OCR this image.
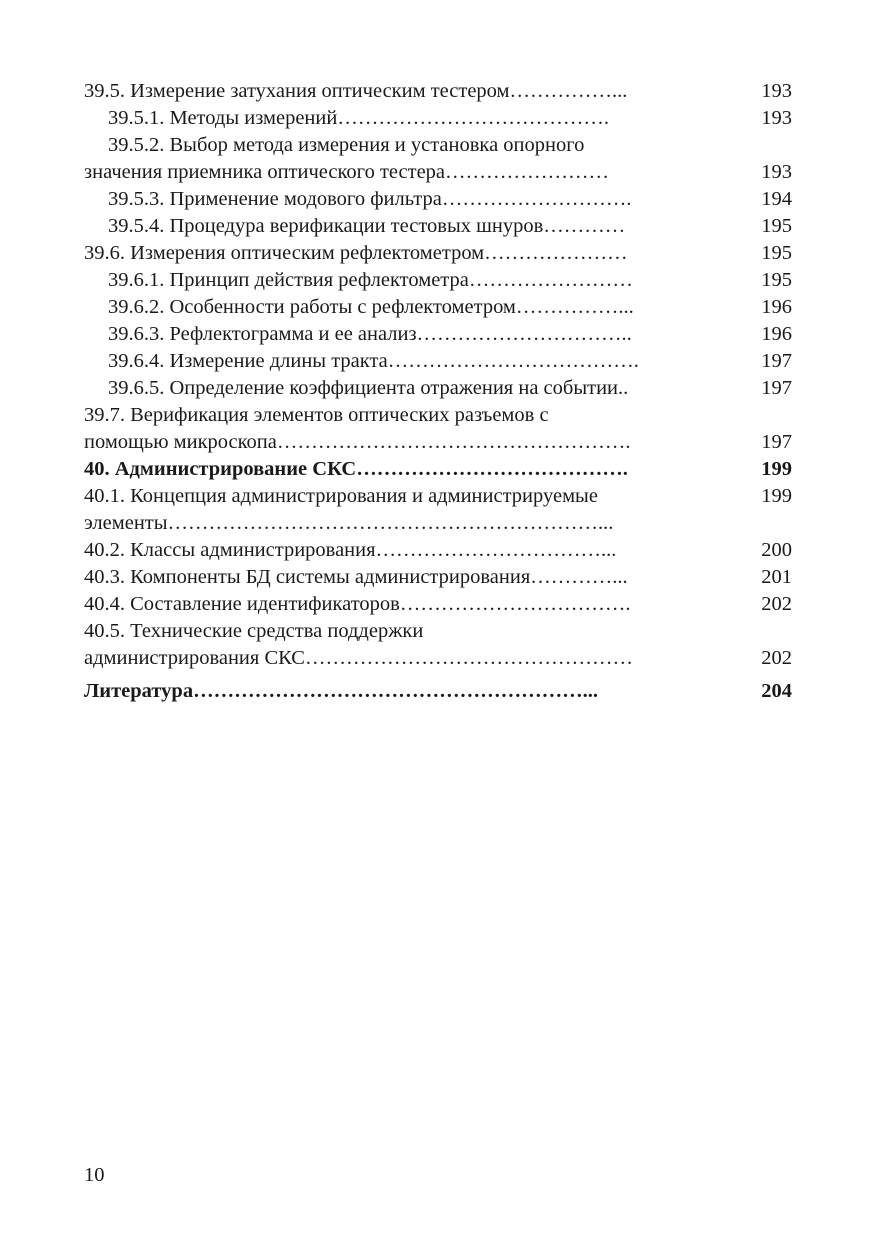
39.5. Измерение затухания оптическим тестером……………...	193
39.5.1. Методы измерений………………………………….	193
39.5.2. Выбор метода измерения и установка опорного
значения приемника оптического тестера……………………	193
39.5.3. Применение модового фильтра……………………….	194
39.5.4. Процедура верификации тестовых шнуров…………	195
39.6. Измерения оптическим рефлектометром…………………	195
39.6.1. Принцип действия рефлектометра……………………	195
39.6.2. Особенности работы с рефлектометром……………...	196
39.6.3. Рефлектограмма и ее анализ…………………………..	196
39.6.4. Измерение длины тракта……………………………….	197
39.6.5. Определение коэффициента отражения на событии..	197
39.7. Верификация элементов оптических разъемов с
помощью микроскопа…………………………………………….	197
40. Администрирование СКС………………………………….	199
40.1. Концепция администрирования и администрируемые	199
элементы………………………………………………………...
40.2. Классы администрирования……………………………...	200
40.3. Компоненты БД системы администрирования…………...	201
40.4. Составление идентификаторов…………………………….	202
40.5. Технические средства поддержки
администрирования СКС…………………………………………	202
Литература…………………………………………………...	204
10
